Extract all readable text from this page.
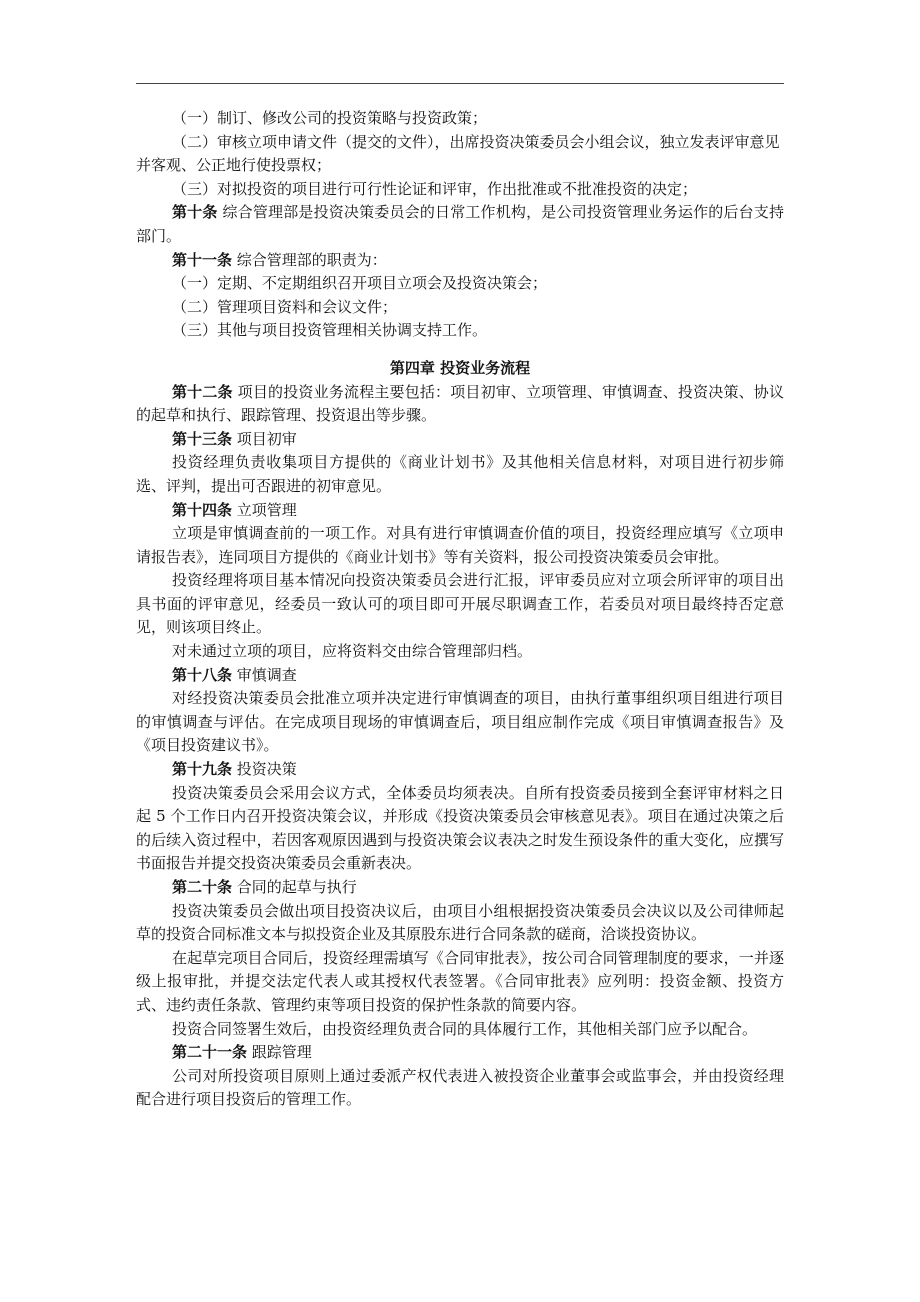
（一）制订、修改公司的投资策略与投资政策；

（二）审核立项申请文件（提交的文件），出席投资决策委员会小组会议，独立发表评审意见并客观、公正地行使投票权；

（三）对拟投资的项目进行可行性论证和评审，作出批准或不批准投资的决定；

第十条 综合管理部是投资决策委员会的日常工作机构，是公司投资管理业务运作的后台支持部门。

第十一条 综合管理部的职责为：

（一）定期、不定期组织召开项目立项会及投资决策会；

（二）管理项目资料和会议文件；

（三）其他与项目投资管理相关协调支持工作。

第四章 投资业务流程

第十二条 项目的投资业务流程主要包括：项目初审、立项管理、审慎调查、投资决策、协议的起草和执行、跟踪管理、投资退出等步骤。

第十三条 项目初审

投资经理负责收集项目方提供的《商业计划书》及其他相关信息材料，对项目进行初步筛选、评判，提出可否跟进的初审意见。

第十四条 立项管理

立项是审慎调查前的一项工作。对具有进行审慎调查价值的项目，投资经理应填写《立项申请报告表》，连同项目方提供的《商业计划书》等有关资料，报公司投资决策委员会审批。

投资经理将项目基本情况向投资决策委员会进行汇报，评审委员应对立项会所评审的项目出具书面的评审意见，经委员一致认可的项目即可开展尽职调查工作，若委员对项目最终持否定意见，则该项目终止。

对未通过立项的项目，应将资料交由综合管理部归档。

第十八条 审慎调查

对经投资决策委员会批准立项并决定进行审慎调查的项目，由执行董事组织项目组进行项目的审慎调查与评估。在完成项目现场的审慎调查后，项目组应制作完成《项目审慎调查报告》及《项目投资建议书》。

第十九条 投资决策

投资决策委员会采用会议方式，全体委员均须表决。自所有投资委员接到全套评审材料之日起 5 个工作日内召开投资决策会议，并形成《投资决策委员会审核意见表》。项目在通过决策之后的后续入资过程中，若因客观原因遇到与投资决策会议表决之时发生预设条件的重大变化，应撰写书面报告并提交投资决策委员会重新表决。

第二十条 合同的起草与执行

投资决策委员会做出项目投资决议后，由项目小组根据投资决策委员会决议以及公司律师起草的投资合同标准文本与拟投资企业及其原股东进行合同条款的磋商，洽谈投资协议。

在起草完项目合同后，投资经理需填写《合同审批表》，按公司合同管理制度的要求，一并逐级上报审批，并提交法定代表人或其授权代表签署。《合同审批表》应列明：投资金额、投资方式、违约责任条款、管理约束等项目投资的保护性条款的简要内容。

投资合同签署生效后，由投资经理负责合同的具体履行工作，其他相关部门应予以配合。

第二十一条 跟踪管理

公司对所投资项目原则上通过委派产权代表进入被投资企业董事会或监事会，并由投资经理配合进行项目投资后的管理工作。
